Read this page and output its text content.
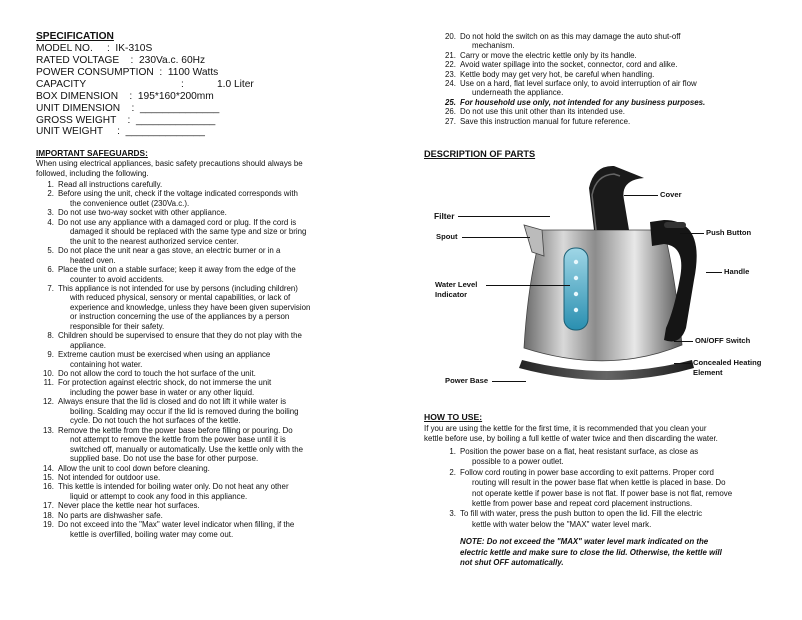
SPECIFICATION
MODEL NO.     :  IK-310S
RATED VOLTAGE    :  230Va.c. 60Hz
POWER CONSUMPTION  :  1100 Watts
CAPACITY	:	1.0 Liter
BOX DIMENSION    :  195*160*200mm
UNIT DIMENSION    :  ______________
GROSS WEIGHT    :  ______________
UNIT WEIGHT     :  ______________
IMPORTANT SAFEGUARDS:
When using electrical appliances, basic safety precautions should always be
followed, including the following.
1. Read all instructions carefully.
2. Before using the unit, check if the voltage indicated corresponds with
the convenience outlet (230Va.c.).
3. Do not use two-way socket with other appliance.
4. Do not use any appliance with a damaged cord or plug. If the cord is
damaged it should be replaced with the same type and size or bring
the unit to the nearest authorized service center.
5. Do not place the unit near a gas stove, an electric burner or in a
heated oven.
6. Place the unit on a stable surface; keep it away from the edge of the
counter to avoid accidents.
7. This appliance is not intended for use by persons (including children)
with reduced physical, sensory or mental capabilities, or lack of
experience and knowledge, unless they have been given supervision
or instruction concerning the use of the appliances by a person
responsible for their safety.
8. Children should be supervised to ensure that they do not play with the
appliance.
9. Extreme caution must be exercised when using an appliance
containing hot water.
10. Do not allow the cord to touch the hot surface of the unit.
11. For protection against electric shock, do not immerse the unit
including the power base in water or any other liquid.
12. Always ensure that the lid is closed and do not lift it while water is
boiling. Scalding may occur if the lid is removed during the boiling
cycle. Do not touch the hot surfaces of the kettle.
13. Remove the kettle from the power base before filling or pouring. Do
not attempt to remove the kettle from the power base until it is
switched off, manually or automatically. Use the kettle only with the
supplied base. Do not use the base for other purpose.
14. Allow the unit to cool down before cleaning.
15. Not intended for outdoor use.
16. This kettle is intended for boiling water only. Do not heat any other
liquid or attempt to cook any food in this appliance.
17. Never place the kettle near hot surfaces.
18. No parts are dishwasher safe.
19. Do not exceed into the "Max" water level indicator when filling, if the
kettle is overfilled, boiling water may come out.
20. Do not hold the switch on as this may damage the auto shut-off
mechanism.
21. Carry or move the electric kettle only by its handle.
22. Avoid water spillage into the socket, connector, cord and alike.
23. Kettle body may get very hot, be careful when handling.
24. Use on a hard, flat level surface only, to avoid interruption of air flow
underneath the appliance.
25. For household use only, not intended for any business purposes.
26. Do not use this unit other than its intended use.
27. Save this instruction manual for future reference.
DESCRIPTION OF PARTS
Filter
Spout
Water Level
Indicator
Power Base
Cover
Push Button
Handle
ON/OFF Switch
Concealed Heating
Element
HOW TO USE:
If you are using the kettle for the first time, it is recommended that you clean your
kettle before use, by boiling a full kettle of water twice and then discarding the water.
1. Position the power base on a flat, heat resistant surface, as close as
possible to a power outlet.
2. Follow cord routing in power base according to exit patterns. Proper cord
routing will result in the power base flat when kettle is placed in base. Do
not operate kettle if power base is not flat. If power base is not flat, remove
kettle from power base and repeat cord placement instructions.
3. To fill with water, press the push button to open the lid. Fill the electric
kettle with water below the "MAX" water level mark.
NOTE: Do not exceed the "MAX" water level mark indicated on the
electric kettle and make sure to close the lid. Otherwise, the kettle will
not shut OFF automatically.
